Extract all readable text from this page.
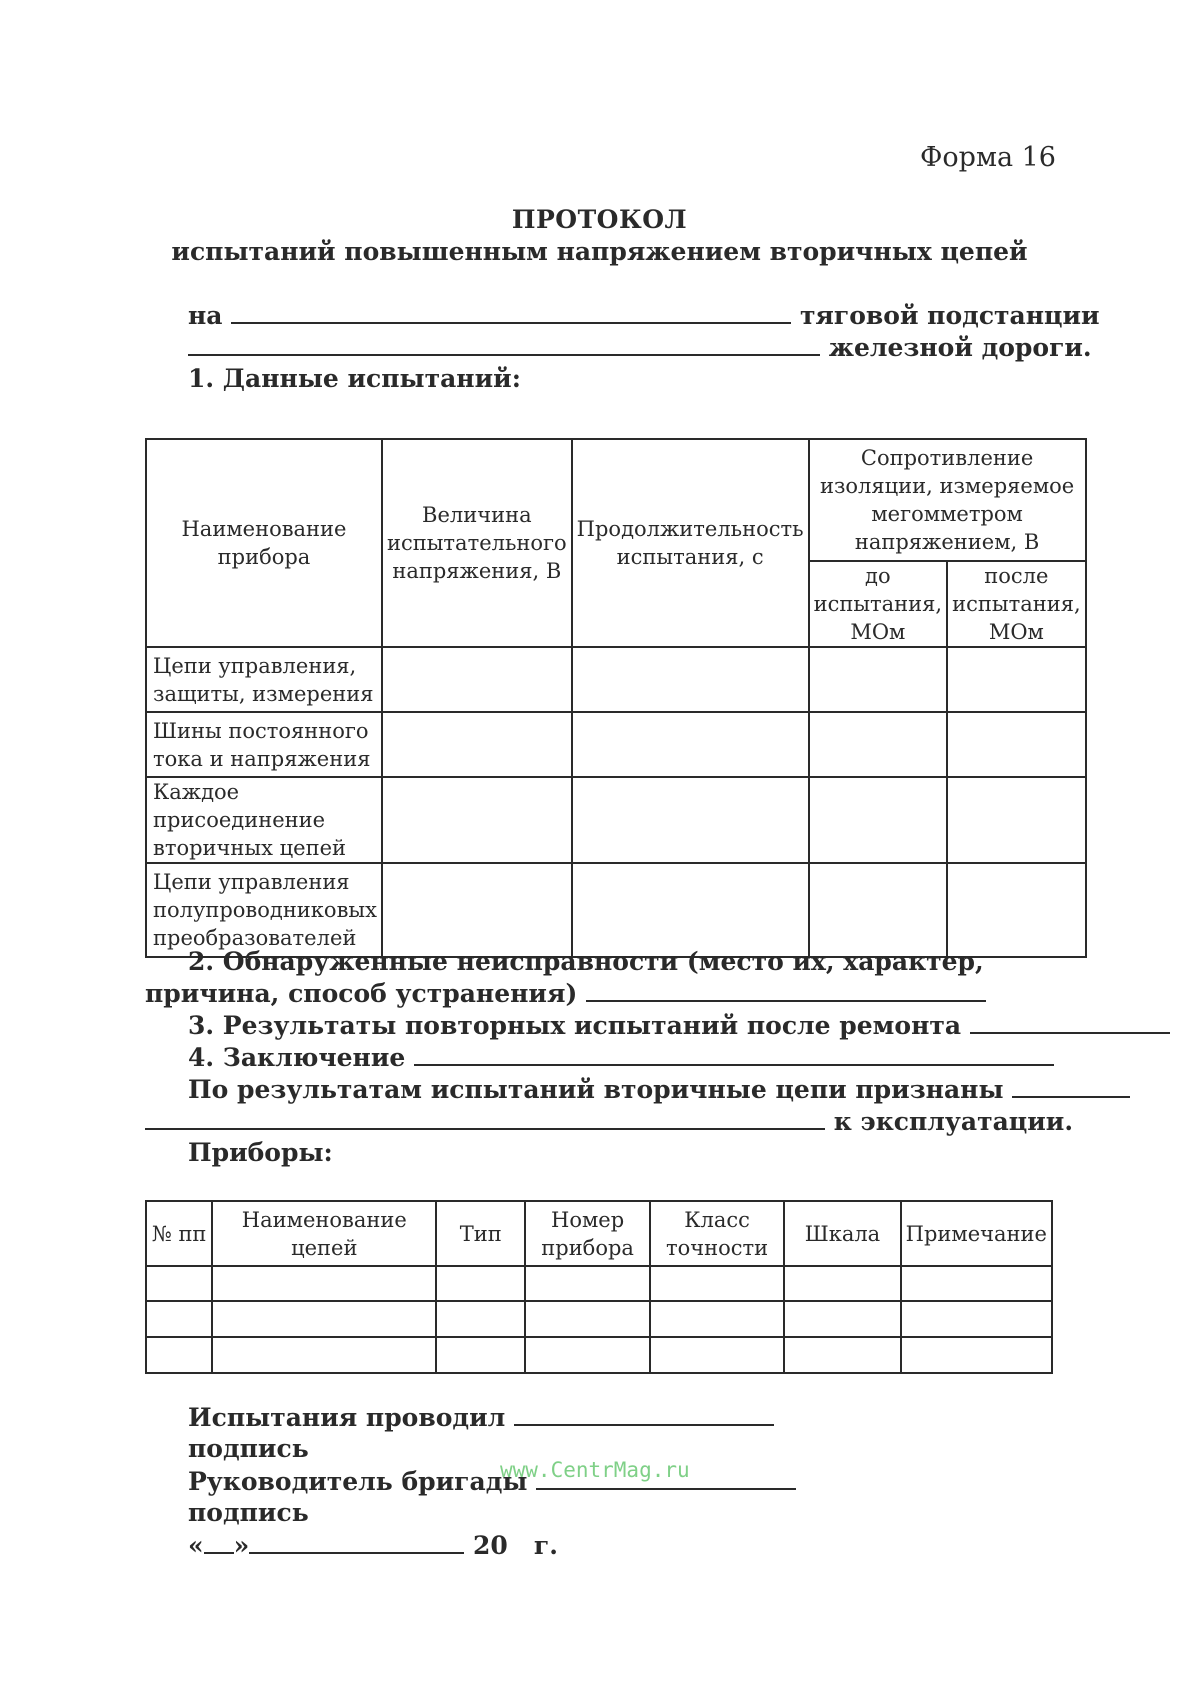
Форма 16
ПРОТОКОЛ
испытаний повышенным напряжением вторичных цепей
на	тяговой подстанции
железной дороги.
1. Данные испытаний:
Наименование прибора	Величина испытательного напряжения, В	Продолжительность испытания, с	Сопротивление изоляции, измеряемое мегомметром напряжением, В	
			до испытания, МОм	после испытания, МОм
Цепи управления, защиты, измерения				
Шины постоянного тока и напряжения				
Каждое присоединение вторичных цепей				
Цепи управления полупроводниковых преобразователей				
2. Обнаруженные неисправности (место их, характер, причина, способ устранения)
3. Результаты повторных испытаний после ремонта
4. Заключение
По результатам испытаний вторичные цепи признаны
к эксплуатации.
Приборы:
№ пп	Наименование цепей	Тип	Номер прибора	Класс точности	Шкала	Примечание

Испытания проводил
подпись
www.CentrMag.ru
Руководитель бригады
подпись
« »	20 г.
